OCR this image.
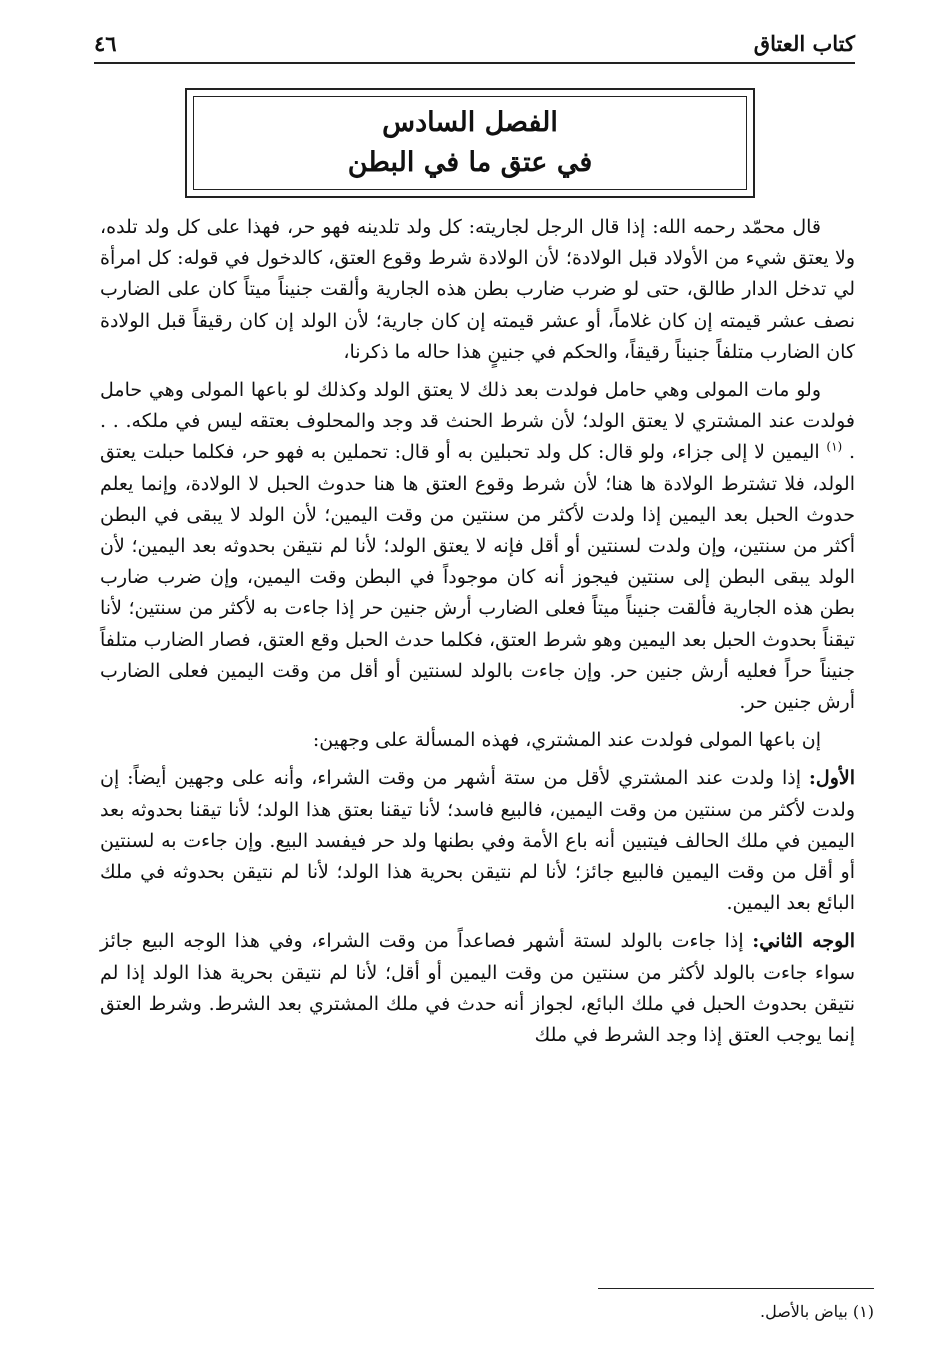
كتاب العتاق
٤٦
الفصل السادس
في عتق ما في البطن

قال محمّد رحمه الله: إذا قال الرجل لجاريته: كل ولد تلدينه فهو حر، فهذا على كل ولد تلده، ولا يعتق شيء من الأولاد قبل الولادة؛ لأن الولادة شرط وقوع العتق، كالدخول في قوله: كل امرأة لي تدخل الدار طالق، حتى لو ضرب ضارب بطن هذه الجارية وألقت جنيناً ميتاً كان على الضارب نصف عشر قيمته إن كان غلاماً، أو عشر قيمته إن كان جارية؛ لأن الولد إن كان رقيقاً قبل الولادة كان الضارب متلفاً جنيناً رقيقاً، والحكم في جنينٍ هذا حاله ما ذكرنا،

ولو مات المولى وهي حامل فولدت بعد ذلك لا يعتق الولد وكذلك لو باعها المولى وهي حامل فولدت عند المشتري لا يعتق الولد؛ لأن شرط الحنث قد وجد والمحلوف بعتقه ليس في ملكه. . . . $^{(١)}$ اليمين لا إلى جزاء، ولو قال: كل ولد تحبلين به أو قال: تحملين به فهو حر، فكلما حبلت يعتق الولد، فلا تشترط الولادة ها هنا؛ لأن شرط وقوع العتق ها هنا حدوث الحبل لا الولادة، وإنما يعلم حدوث الحبل بعد اليمين إذا ولدت لأكثر من سنتين من وقت اليمين؛ لأن الولد لا يبقى في البطن أكثر من سنتين، وإن ولدت لسنتين أو أقل فإنه لا يعتق الولد؛ لأنا لم نتيقن بحدوثه بعد اليمين؛ لأن الولد يبقى البطن إلى سنتين فيجوز أنه كان موجوداً في البطن وقت اليمين، وإن ضرب ضارب بطن هذه الجارية فألقت جنيناً ميتاً فعلى الضارب أرش جنين حر إذا جاءت به لأكثر من سنتين؛ لأنا تيقناً بحدوث الحبل بعد اليمين وهو شرط العتق، فكلما حدث الحبل وقع العتق، فصار الضارب متلفاً جنيناً حراً فعليه أرش جنين حر. وإن جاءت بالولد لسنتين أو أقل من وقت اليمين فعلى الضارب أرش جنين حر.

إن باعها المولى فولدت عند المشتري، فهذه المسألة على وجهين:

الأول: إذا ولدت عند المشتري لأقل من ستة أشهر من وقت الشراء، وأنه على وجهين أيضاً: إن ولدت لأكثر من سنتين من وقت اليمين، فالبيع فاسد؛ لأنا تيقنا بعتق هذا الولد؛ لأنا تيقنا بحدوثه بعد اليمين في ملك الحالف فيتبين أنه باع الأمة وفي بطنها ولد حر فيفسد البيع. وإن جاءت به لسنتين أو أقل من وقت اليمين فالبيع جائز؛ لأنا لم نتيقن بحرية هذا الولد؛ لأنا لم نتيقن بحدوثه في ملك البائع بعد اليمين.

الوجه الثاني: إذا جاءت بالولد لستة أشهر فصاعداً من وقت الشراء، وفي هذا الوجه البيع جائز سواء جاءت بالولد لأكثر من سنتين من وقت اليمين أو أقل؛ لأنا لم نتيقن بحرية هذا الولد إذا لم نتيقن بحدوث الحبل في ملك البائع، لجواز أنه حدث في ملك المشتري بعد الشرط. وشرط العتق إنما يوجب العتق إذا وجد الشرط في ملك

(١) بياض بالأصل.
